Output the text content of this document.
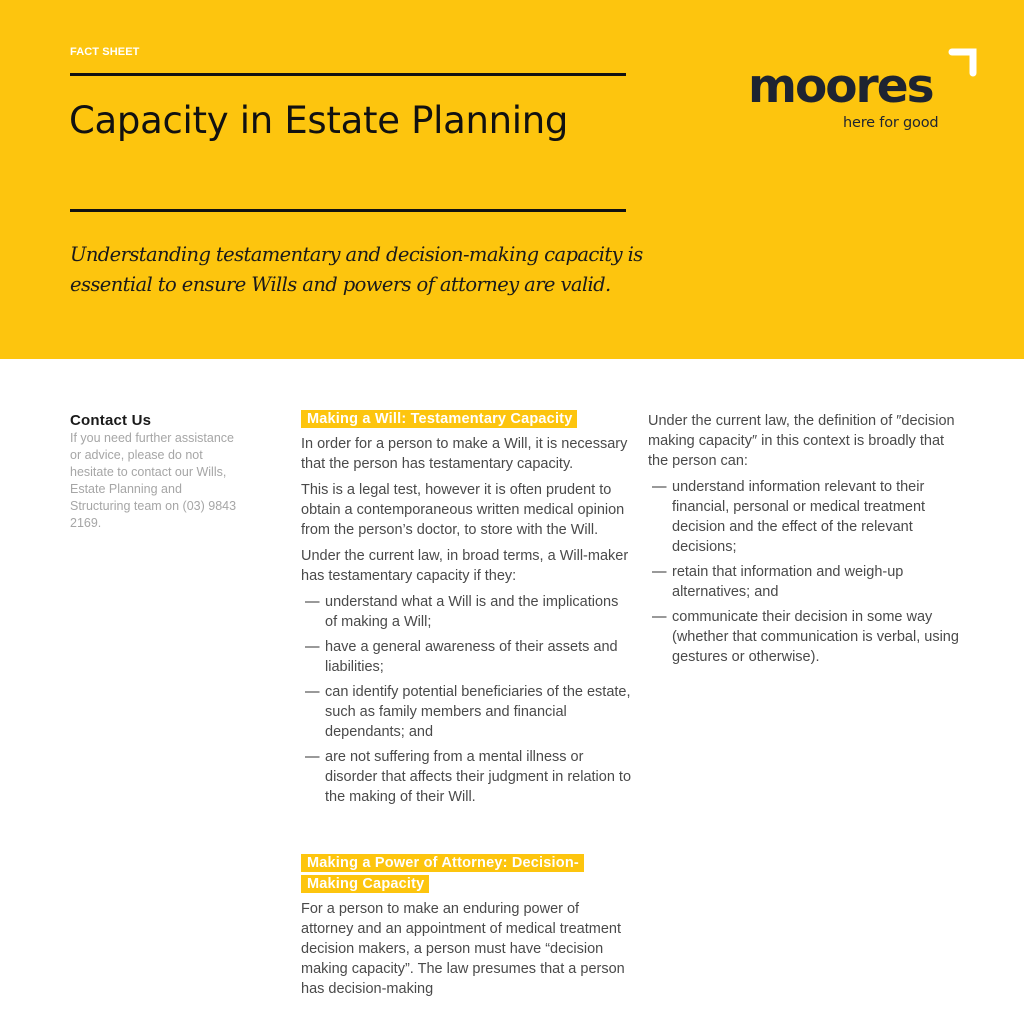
FACT SHEET
Capacity in Estate Planning

Understanding testamentary and decision-making capacity is essential to ensure Wills and powers of attorney are valid.

moores
here for good
Contact Us

If you need further assistance or advice, please do not hesitate to contact our Wills, Estate Planning and Structuring team on (03) 9843 2169.

Making a Will: Testamentary Capacity

In order for a person to make a Will, it is necessary that the person has testamentary capacity.

This is a legal test, however it is often prudent to obtain a contemporaneous written medical opinion from the person’s doctor, to store with the Will.

Under the current law, in broad terms, a Will-maker has testamentary capacity if they:

— understand what a Will is and the implications of making a Will;
— have a general awareness of their assets and liabilities;
— can identify potential beneficiaries of the estate, such as family members and financial dependants; and
— are not suffering from a mental illness or disorder that affects their judgment in relation to the making of their Will.
Making a Power of Attorney: Decision-Making Capacity

For a person to make an enduring power of attorney and an appointment of medical treatment decision makers, a person must have “decision making capacity”. The law presumes that a person has decision-making

Under the current law, the definition of ″decision making capacity″ in this context is broadly that the person can:

— understand information relevant to their financial, personal or medical treatment decision and the effect of the relevant decisions;
— retain that information and weigh-up alternatives; and
— communicate their decision in some way (whether that communication is verbal, using gestures or otherwise).
